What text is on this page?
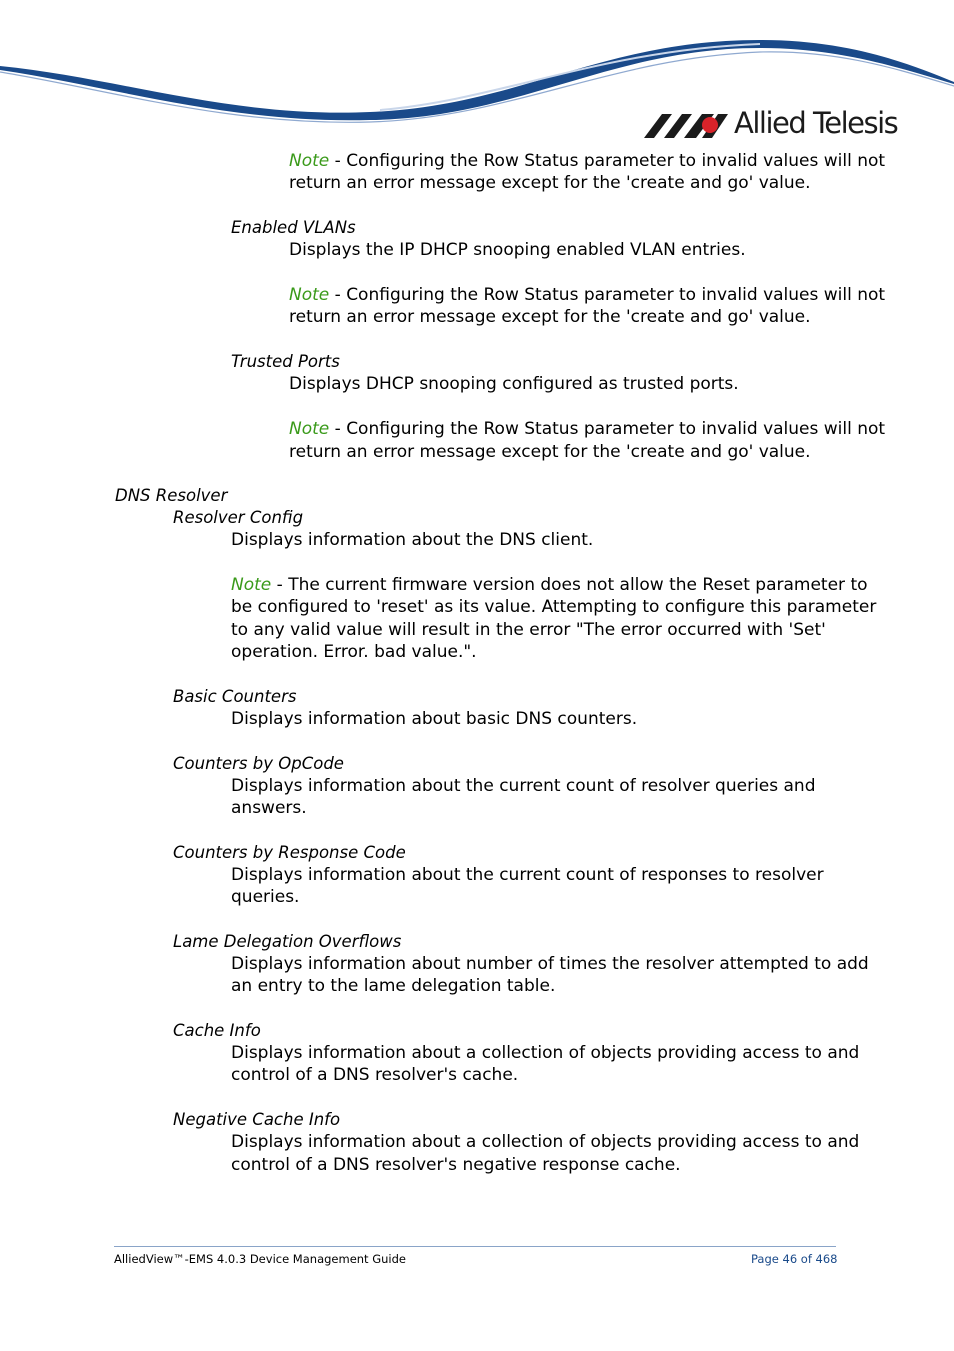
Allied Telesis
Note - Configuring the Row Status parameter to invalid values will not
return an error message except for the 'create and go' value.
Enabled VLANs
Displays the IP DHCP snooping enabled VLAN entries.
Note - Configuring the Row Status parameter to invalid values will not
return an error message except for the 'create and go' value.
Trusted Ports
Displays DHCP snooping configured as trusted ports.
Note - Configuring the Row Status parameter to invalid values will not
return an error message except for the 'create and go' value.
DNS Resolver
Resolver Config
Displays information about the DNS client.
Note - The current firmware version does not allow the Reset parameter to
be configured to 'reset' as its value. Attempting to configure this parameter
to any valid value will result in the error "The error occurred with 'Set'
operation. Error. bad value.".
Basic Counters
Displays information about basic DNS counters.
Counters by OpCode
Displays information about the current count of resolver queries and
answers.
Counters by Response Code
Displays information about the current count of responses to resolver
queries.
Lame Delegation Overflows
Displays information about number of times the resolver attempted to add
an entry to the lame delegation table.
Cache Info
Displays information about a collection of objects providing access to and
control of a DNS resolver's cache.
Negative Cache Info
Displays information about a collection of objects providing access to and
control of a DNS resolver's negative response cache.
AlliedView™-EMS 4.0.3 Device Management Guide	Page 46 of 468
